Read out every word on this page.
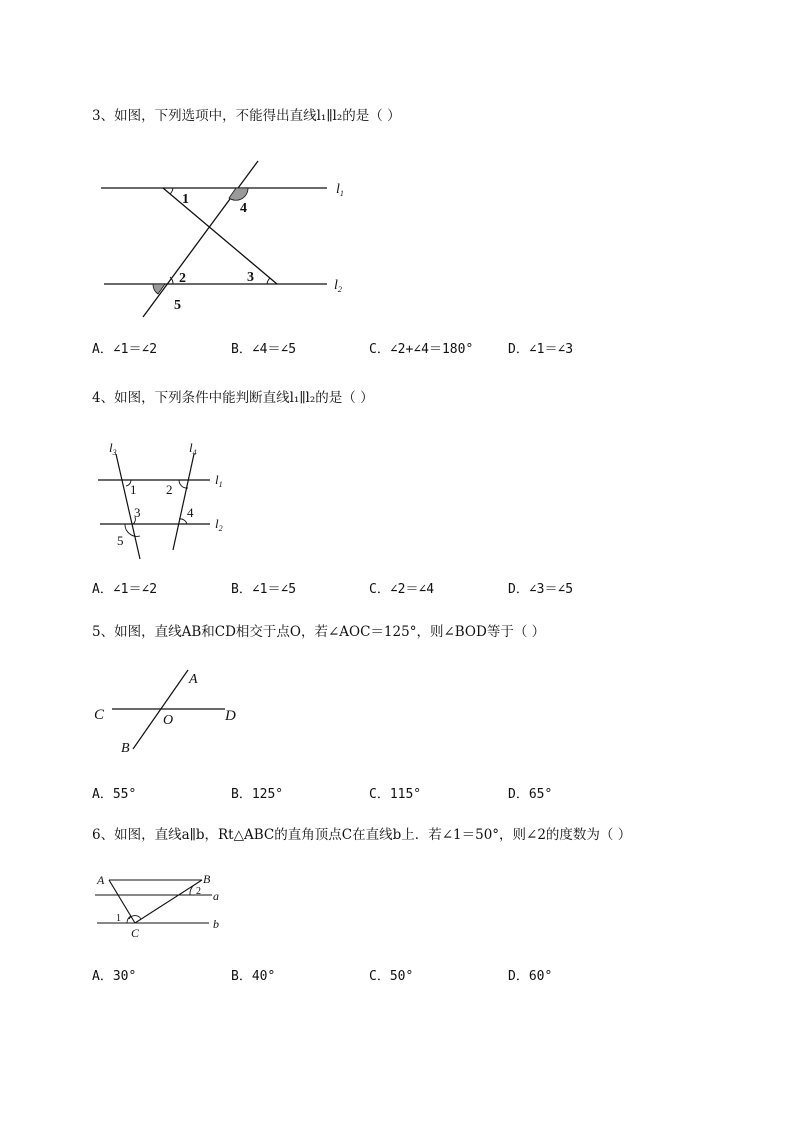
3、如图，下列选项中，不能得出直线l₁∥l₂的是（ ）
1
4
2	3
5
$l_1$
$l_2$
A．∠1＝∠2	B．∠4＝∠5	C．∠2+∠4＝180°	D．∠1＝∠3
4、如图，下列条件中能判断直线l₁∥l₂的是（ ）
1 2
3	4
5
$l_3$	$l_4$
$l_1$
$l_2$
A．∠1＝∠2	B．∠1＝∠5	C．∠2＝∠4	D．∠3＝∠5
5、如图，直线AB和CD相交于点O，若∠AOC＝125°，则∠BOD等于（ ）
A
C	D
O
B
A．55°	B．125°	C．115°	D．65°
6、如图，直线a∥b，Rt△ABC的直角顶点C在直线b上．若∠1＝50°，则∠2的度数为（ ）
A	B
C
a
b
1
2
A．30°	B．40°	C．50°	D．60°
